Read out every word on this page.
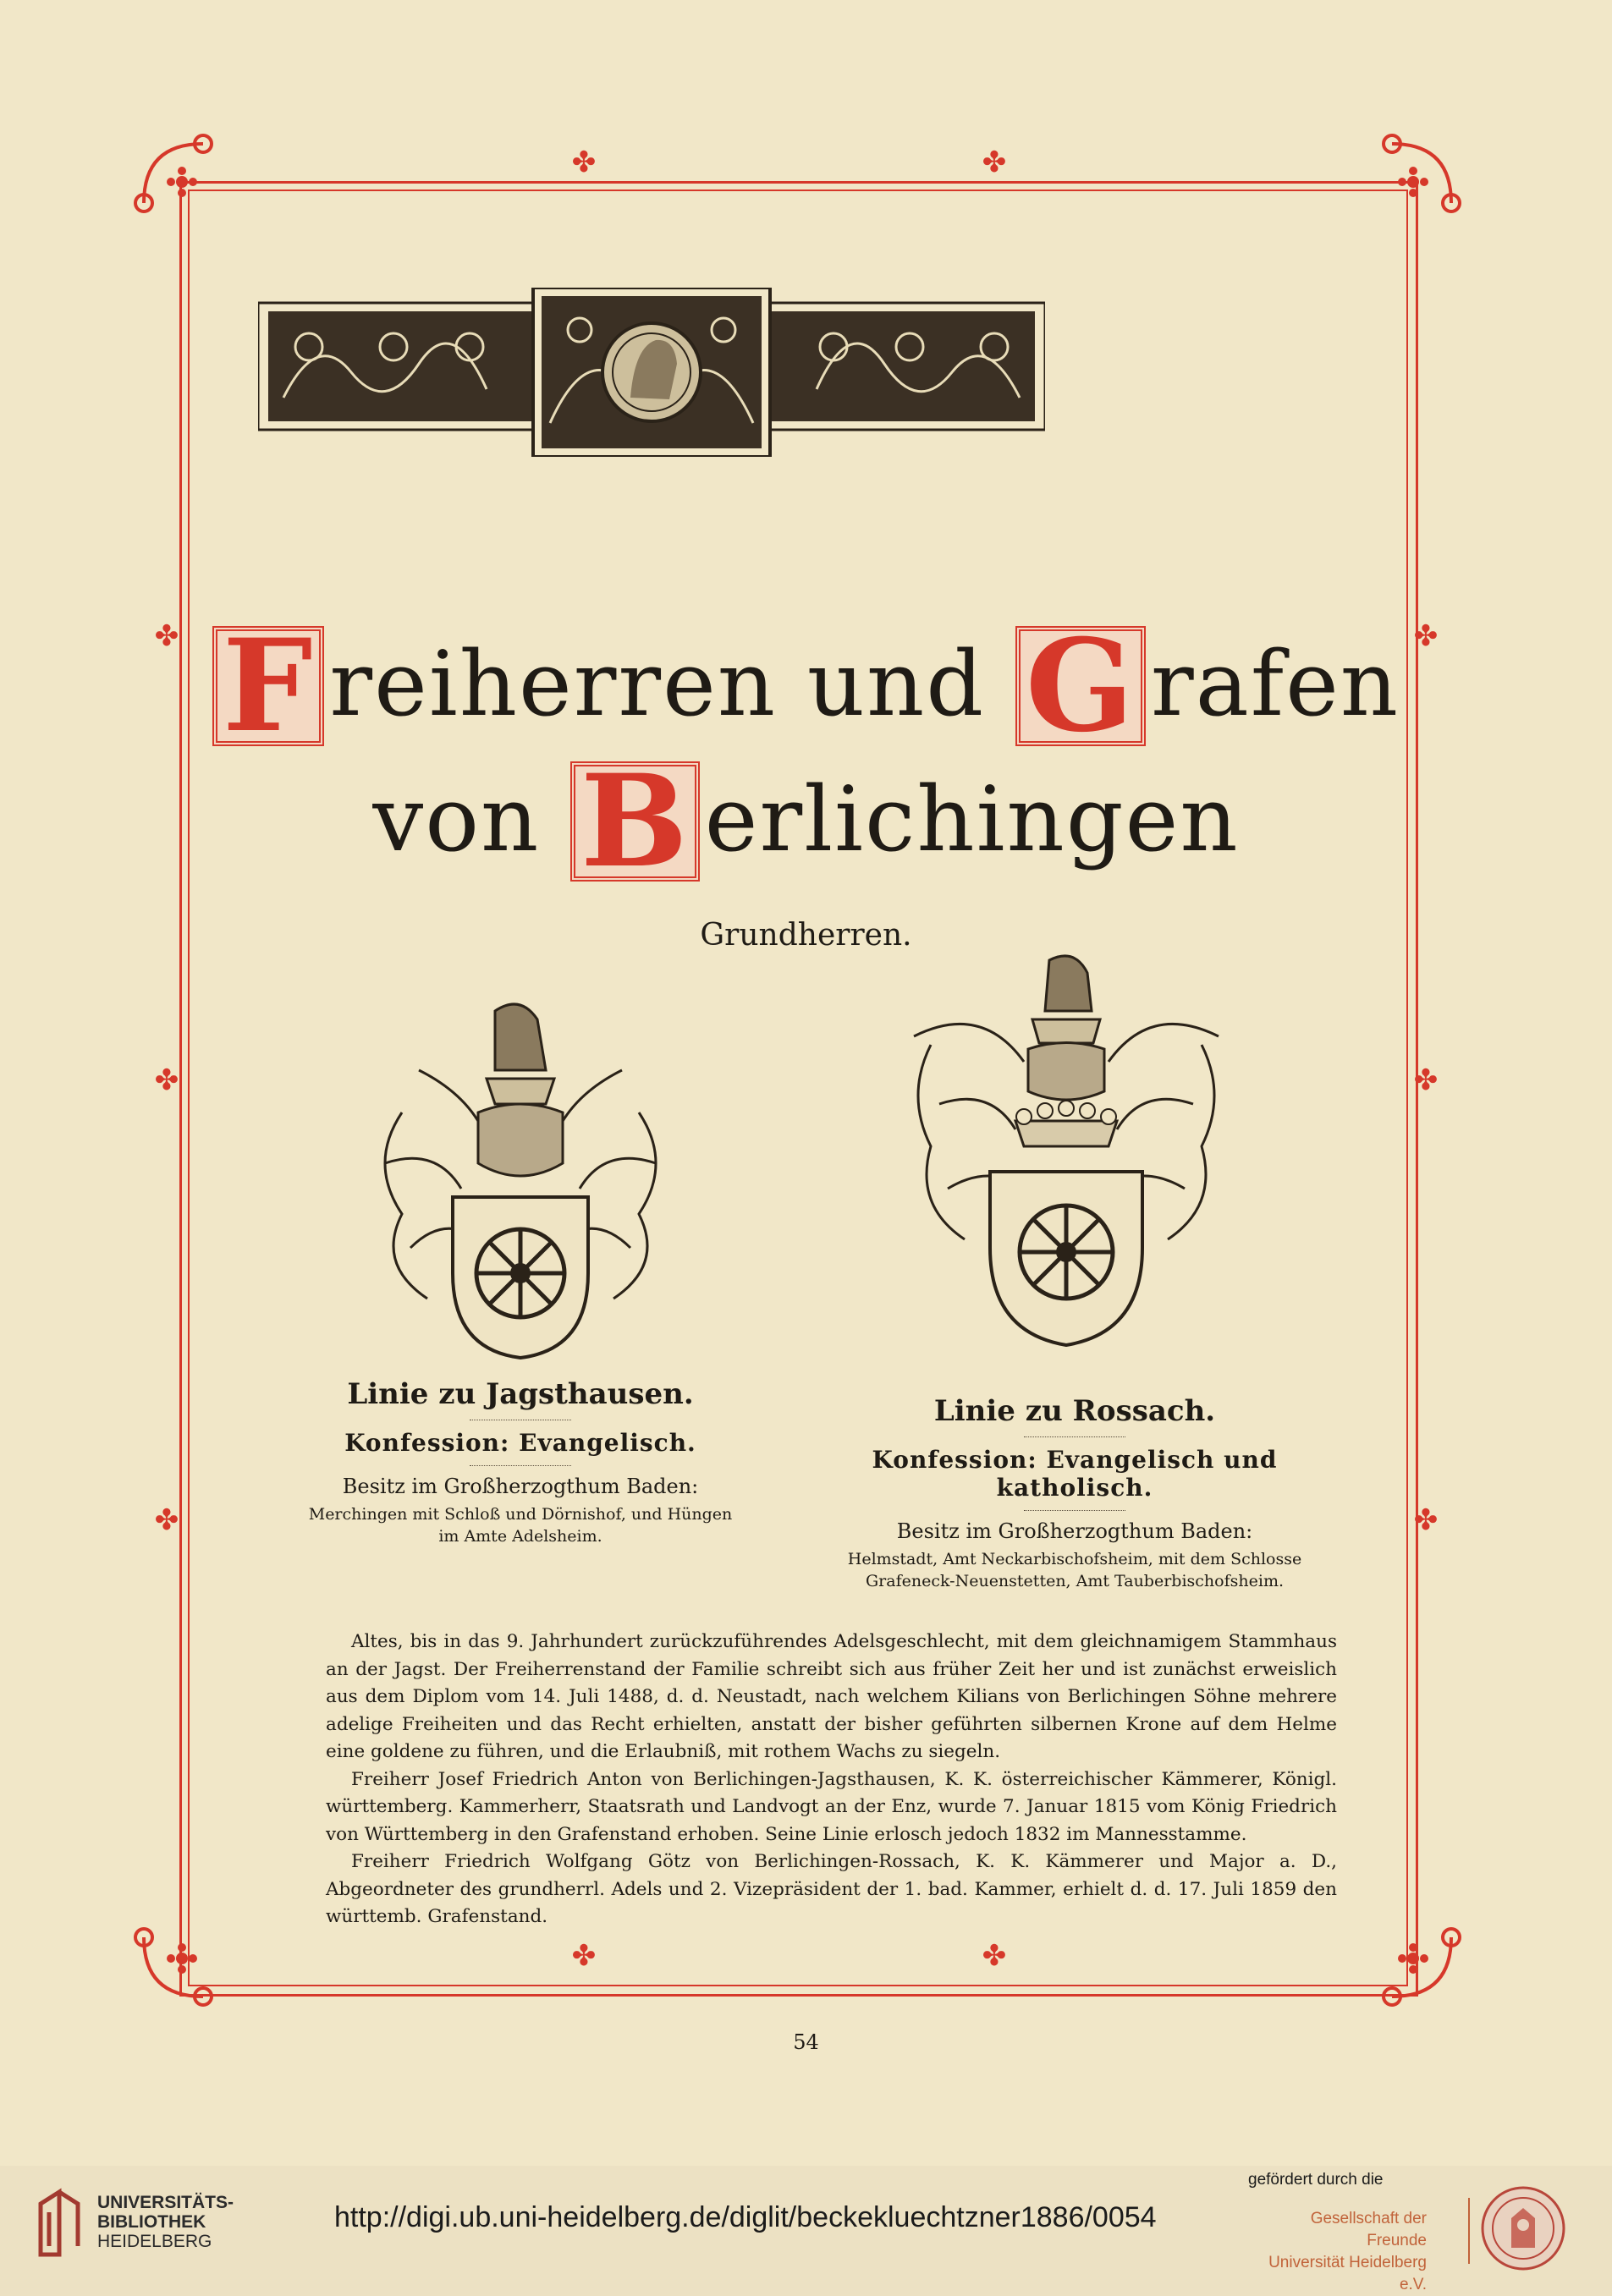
✤	✤
✤	✤
✤
✤
✤
✤
✤
✤
F reiherren und G rafen
von B erlichingen
Grundherren.
Linie zu Jagsthausen.
Konfession: Evangelisch.
Besitz im Großherzogthum Baden:
Merchingen mit Schloß und Dörnishof, und Hüngen im Amte Adelsheim.
Linie zu Rossach.
Konfession: Evangelisch und katholisch.
Besitz im Großherzogthum Baden:
Helmstadt, Amt Neckarbischofsheim, mit dem Schlosse Grafeneck-Neuenstetten, Amt Tauberbischofsheim.

Altes, bis in das 9. Jahrhundert zurückzuführendes Adelsgeschlecht, mit dem gleichnamigem Stammhaus an der Jagst. Der Freiherrenstand der Familie schreibt sich aus früher Zeit her und ist zunächst erweislich aus dem Diplom vom 14. Juli 1488, d. d. Neustadt, nach welchem Kilians von Berlichingen Söhne mehrere adelige Freiheiten und das Recht erhielten, anstatt der bisher geführten silbernen Krone auf dem Helme eine goldene zu führen, und die Erlaubniß, mit rothem Wachs zu siegeln.

Freiherr Josef Friedrich Anton von Berlichingen-Jagsthausen, K. K. österreichischer Kämmerer, Königl. württemberg. Kammerherr, Staatsrath und Landvogt an der Enz, wurde 7. Januar 1815 vom König Friedrich von Württemberg in den Grafenstand erhoben. Seine Linie erlosch jedoch 1832 im Mannesstamme.

Freiherr Friedrich Wolfgang Götz von Berlichingen-Rossach, K. K. Kämmerer und Major a. D., Abgeordneter des grundherrl. Adels und 2. Vizepräsident der 1. bad. Kammer, erhielt d. d. 17. Juli 1859 den württemb. Grafenstand.

54
UNIVERSITÄTS-
BIBLIOTHEK
HEIDELBERG
http://digi.ub.uni-heidelberg.de/diglit/beckekluechtzner1886/0054
gefördert durch die
Gesellschaft der Freunde
Universität Heidelberg e.V.
